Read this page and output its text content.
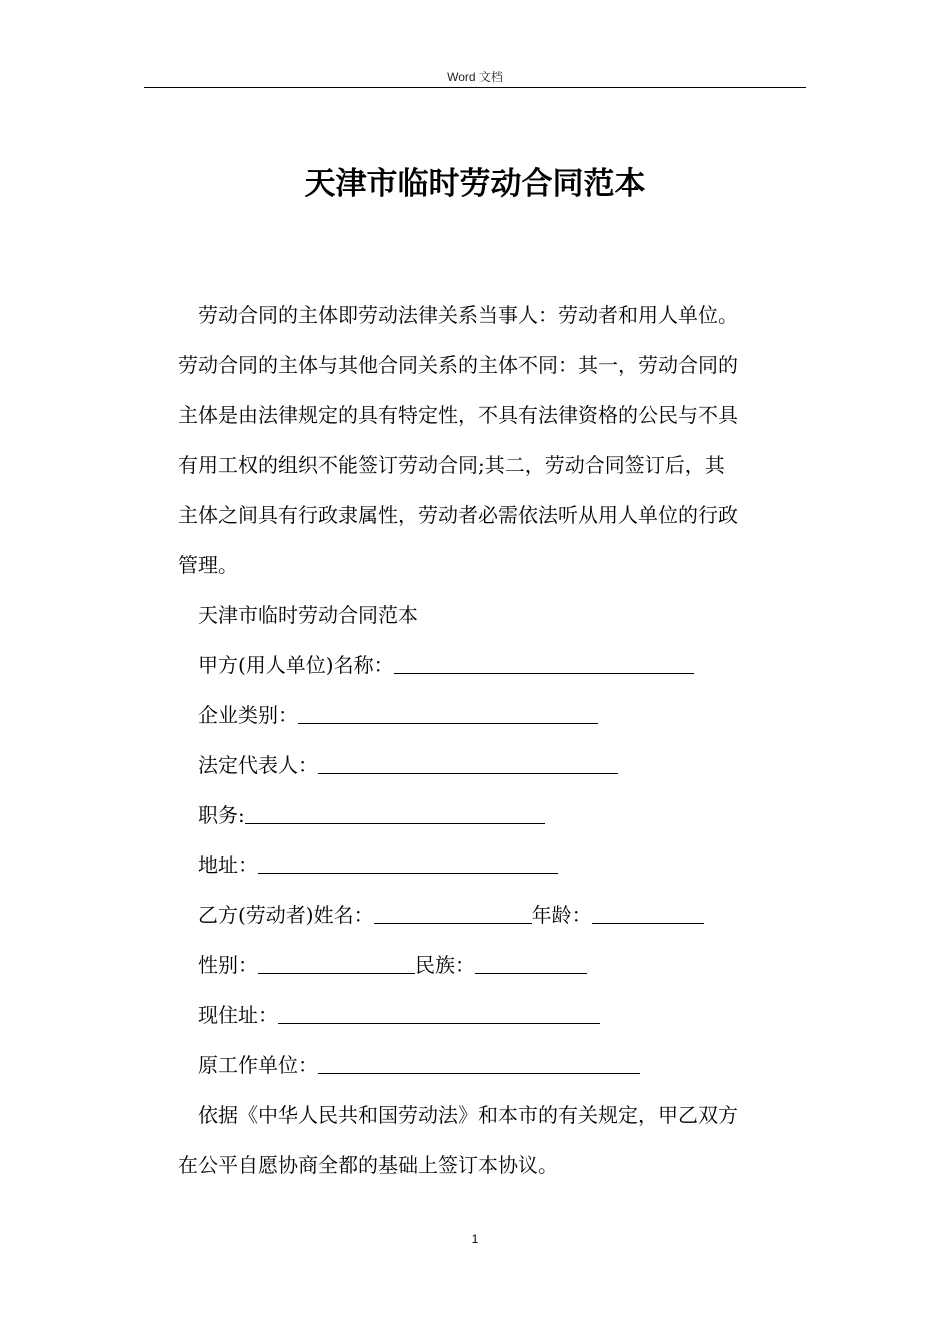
Word 文档
天津市临时劳动合同范本
劳动合同的主体即劳动法律关系当事人：劳动者和用人单位。
劳动合同的主体与其他合同关系的主体不同：其一，劳动合同的
主体是由法律规定的具有特定性，不具有法律资格的公民与不具
有用工权的组织不能签订劳动合同;其二，劳动合同签订后，其
主体之间具有行政隶属性，劳动者必需依法听从用人单位的行政
管理。
天津市临时劳动合同范本
甲方(用人单位)名称：
企业类别：
法定代表人：
职务:
地址：
乙方(劳动者)姓名：	年龄：
性别：	民族：
现住址：
原工作单位：
依据《中华人民共和国劳动法》和本市的有关规定，甲乙双方
在公平自愿协商全都的基础上签订本协议。
1
